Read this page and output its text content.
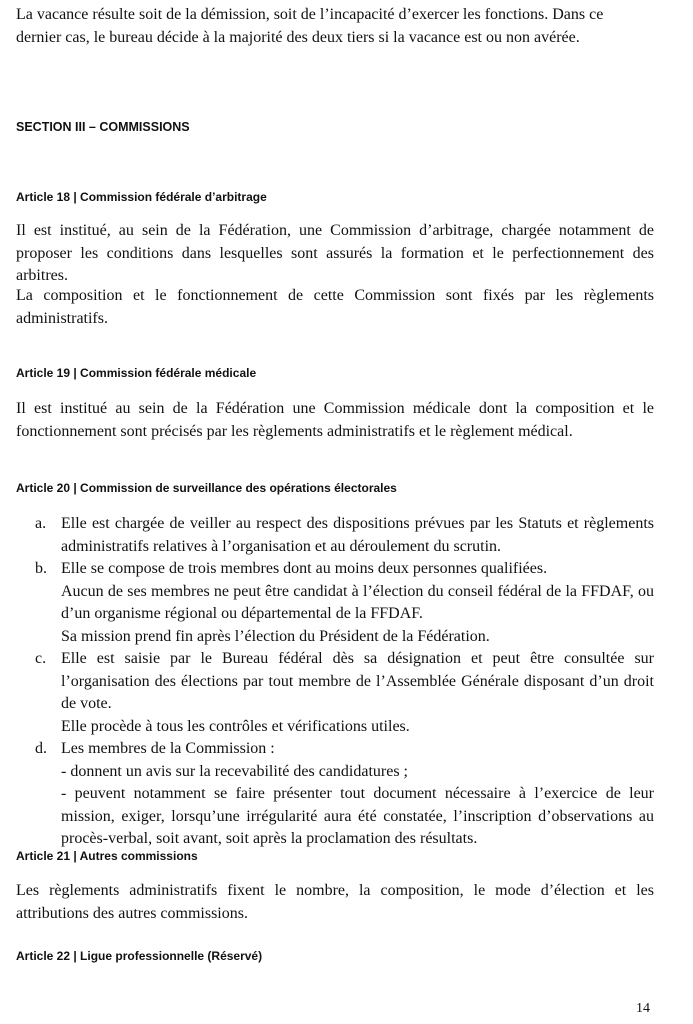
La vacance résulte soit de la démission, soit de l’incapacité d’exercer les fonctions. Dans ce
dernier cas, le bureau décide à la majorité des deux tiers si la vacance est ou non avérée.
SECTION III – COMMISSIONS
Article 18 | Commission fédérale d’arbitrage
Il est institué, au sein de la Fédération, une Commission d’arbitrage, chargée notamment de proposer les conditions dans lesquelles sont assurés la formation et le perfectionnement des arbitres.
La composition et le fonctionnement de cette Commission sont fixés par les règlements administratifs.
Article 19 | Commission fédérale médicale
Il est institué au sein de la Fédération une Commission médicale dont la composition et le fonctionnement sont précisés par les règlements administratifs et le règlement médical.
Article 20 | Commission de surveillance des opérations électorales
a. Elle est chargée de veiller au respect des dispositions prévues par les Statuts et règlements administratifs relatives à l’organisation et au déroulement du scrutin.

b. Elle se compose de trois membres dont au moins deux personnes qualifiées.

Aucun de ses membres ne peut être candidat à l’élection du conseil fédéral de la FFDAF, ou d’un organisme régional ou départemental de la FFDAF.

Sa mission prend fin après l’élection du Président de la Fédération.

c. Elle est saisie par le Bureau fédéral dès sa désignation et peut être consultée sur l’organisation des élections par tout membre de l’Assemblée Générale disposant d’un droit de vote.

Elle procède à tous les contrôles et vérifications utiles.

d. Les membres de la Commission :

- donnent un avis sur la recevabilité des candidatures ;

- peuvent notamment se faire présenter tout document nécessaire à l’exercice de leur mission, exiger, lorsqu’une irrégularité aura été constatée, l’inscription d’observations au procès-verbal, soit avant, soit après la proclamation des résultats.

Article 21 | Autres commissions
Les règlements administratifs fixent le nombre, la composition, le mode d’élection et les attributions des autres commissions.
Article 22 | Ligue professionnelle (Réservé)
14
